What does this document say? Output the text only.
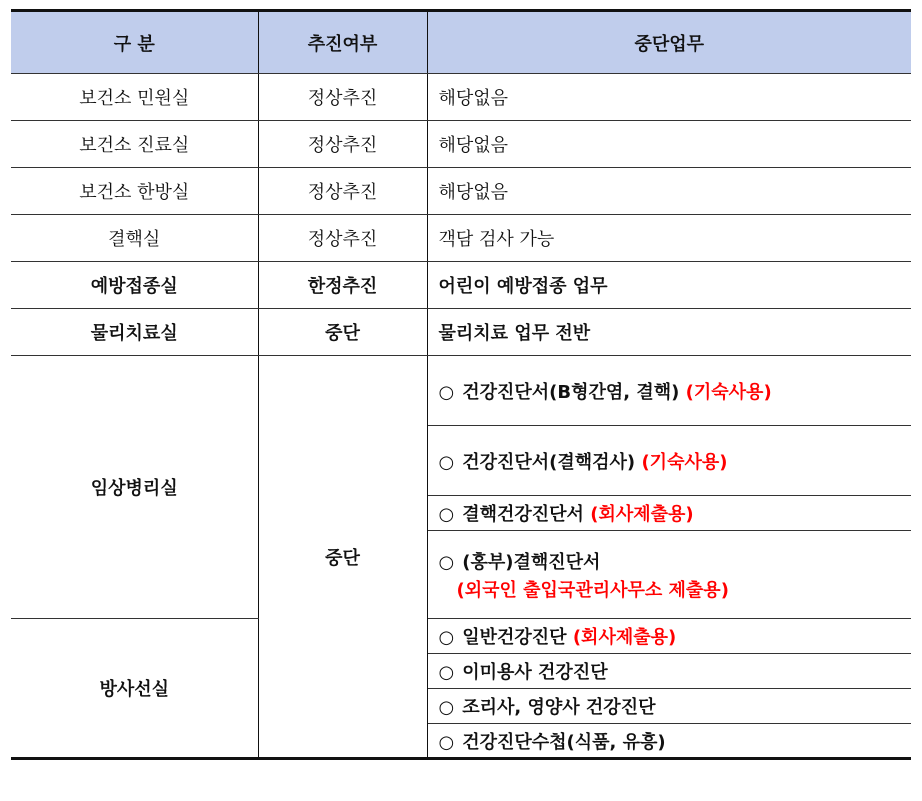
구 분	추진여부	중단업무
보건소 민원실	정상추진	해당없음
보건소 진료실	정상추진	해당없음
보건소 한방실	정상추진	해당없음
결핵실	정상추진	객담 검사 가능
예방접종실	한정추진	어린이 예방접종 업무
물리치료실	중단	물리치료 업무 전반
임상병리실	중단	○ 건강진단서(B형간염, 결핵) (기숙사용)
		○ 건강진단서(결핵검사) (기숙사용)
		○ 결핵건강진단서 (회사제출용)
		○ (홍부)결핵진단서
(외국인 출입국관리사무소 제출용)

방사선실		○ 일반건강진단 (회사제출용)
		○ 이미용사 건강진단
		○ 조리사, 영양사 건강진단
		○ 건강진단수첩(식품, 유흥)
